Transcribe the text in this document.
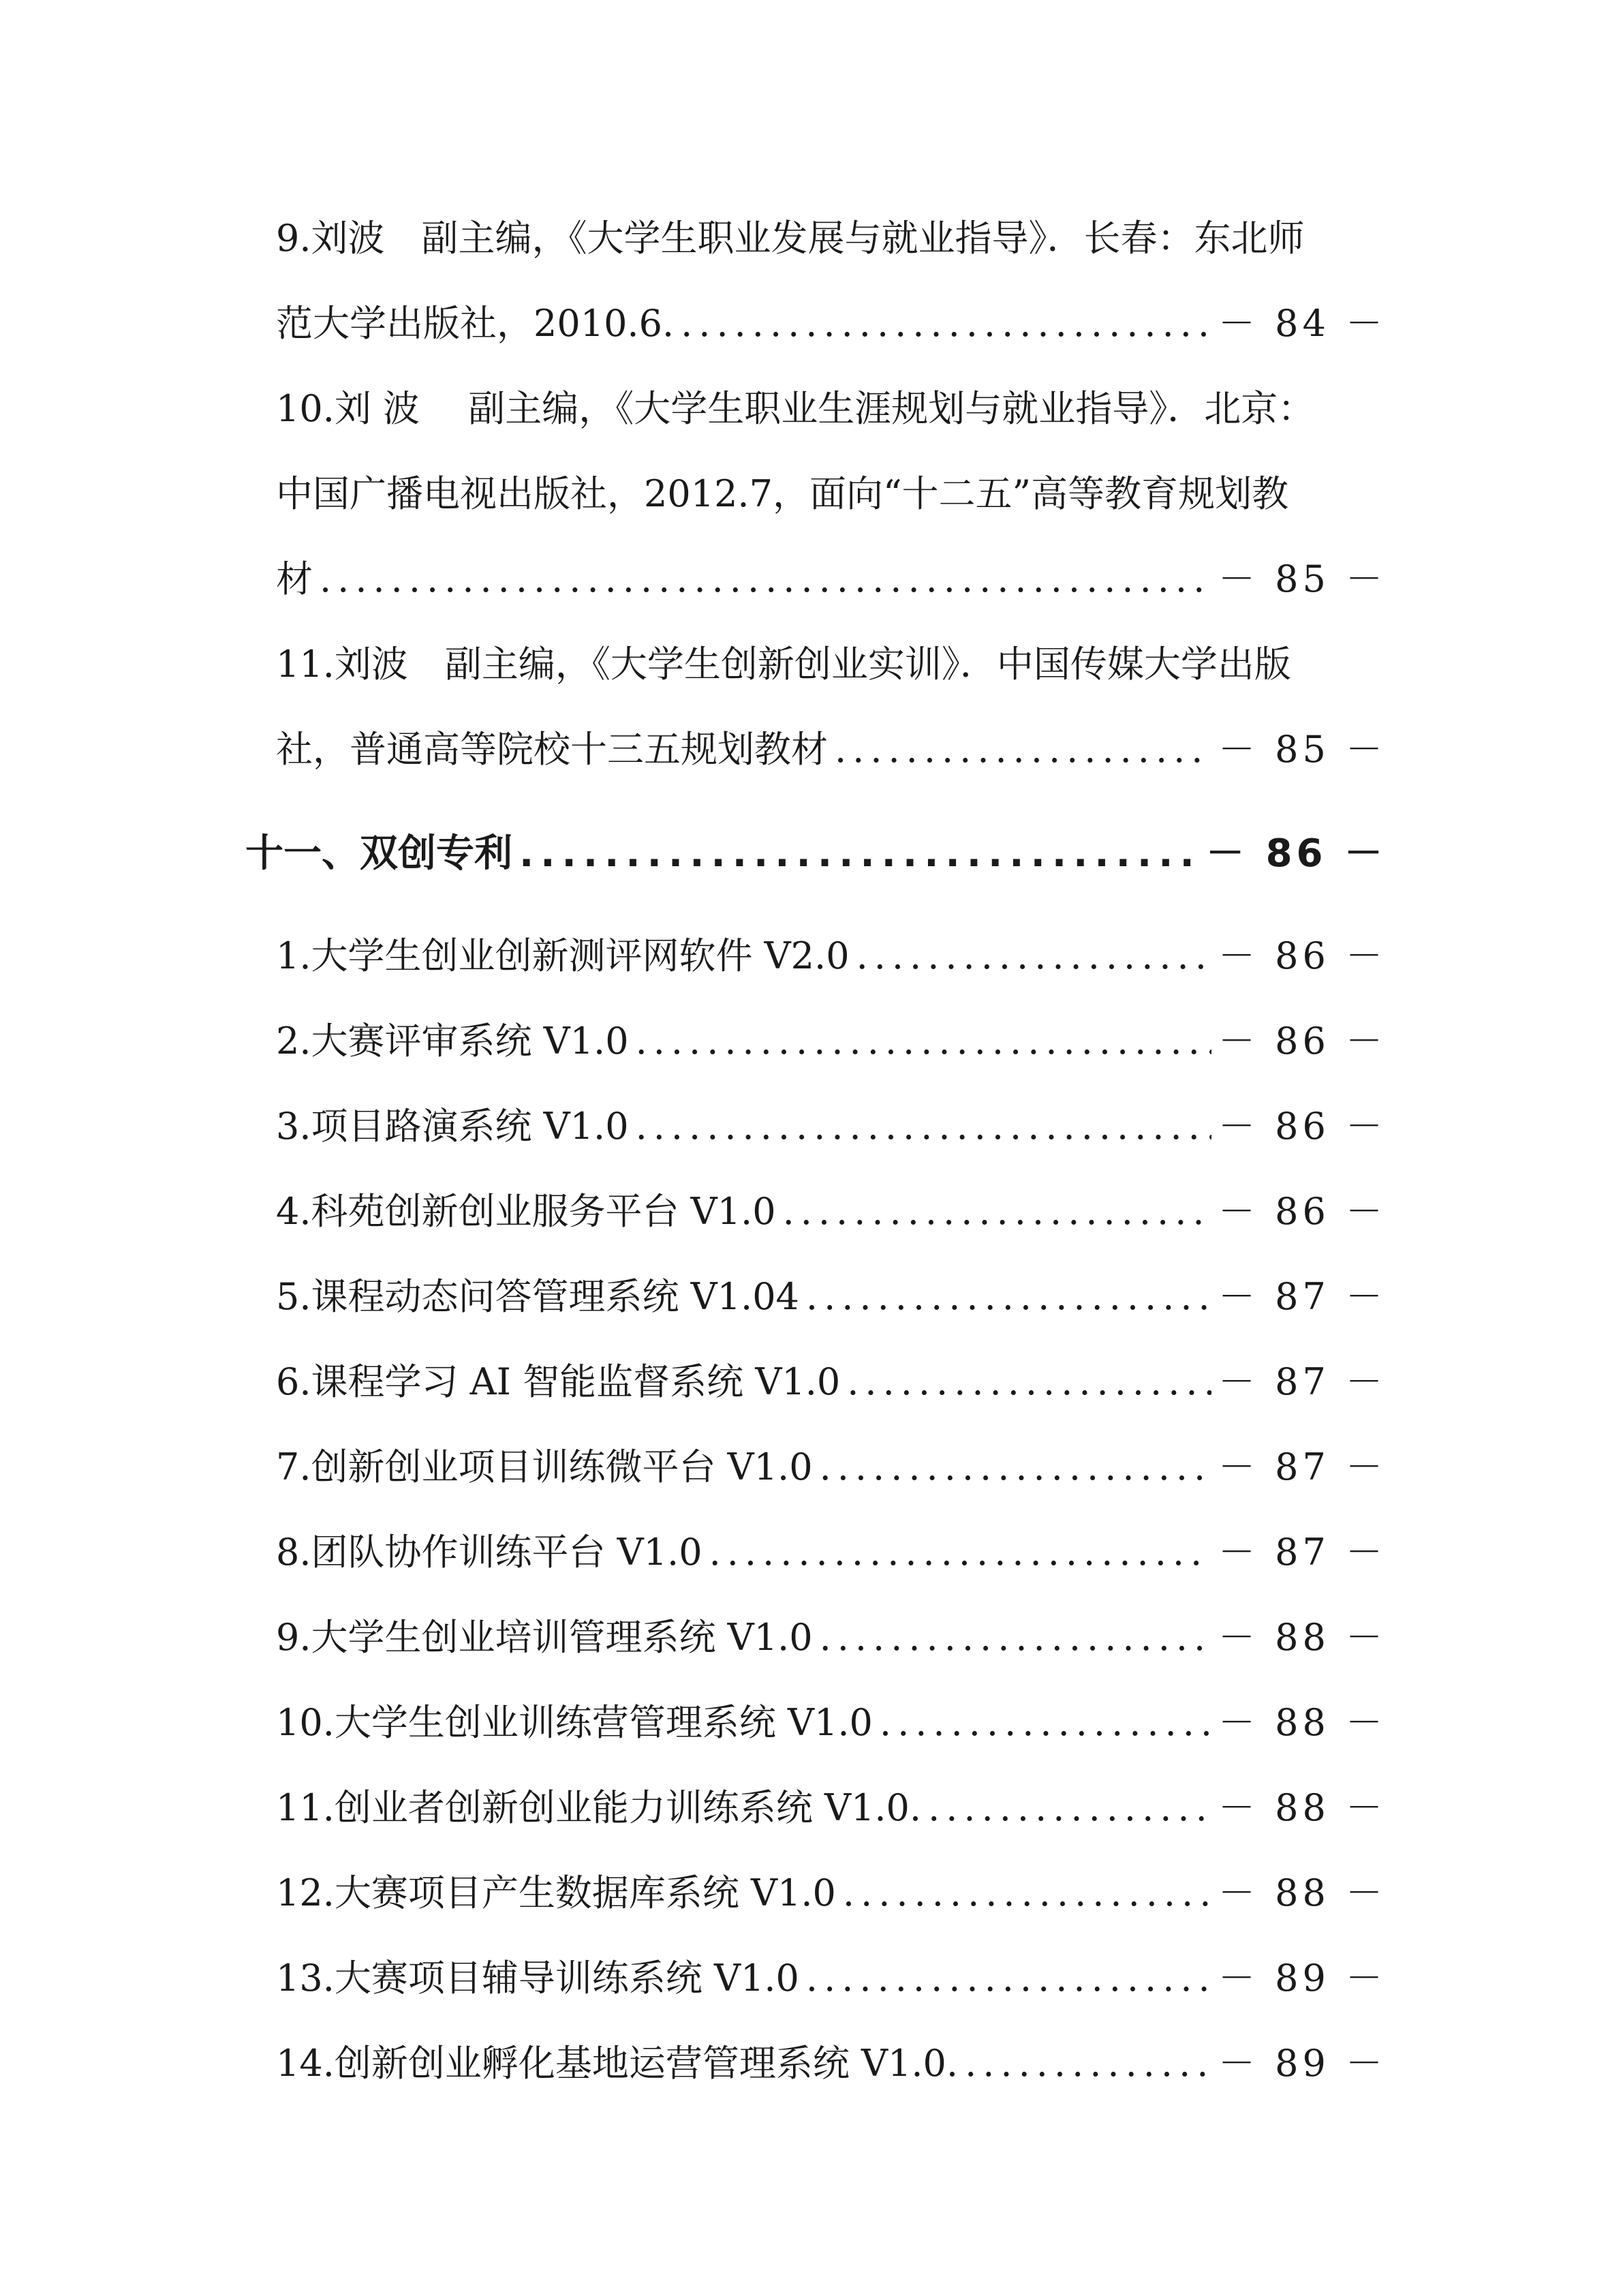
9.刘波　副主编，《大学生职业发展与就业指导》．长春：东北师
范大学出版社，2010.6. .....	－ 84 －
10.刘 波　 副主编，《大学生职业生涯规划与就业指导》．北京：
中国广播电视出版社，2012.7，面向“十二五”高等教育规划教
材 .....	－ 85 －
11.刘波　副主编，《大学生创新创业实训》．中国传媒大学出版
社，普通高等院校十三五规划教材 .....	－ 85 －
十一、双创专利 .....	－ 86 －
1.大学生创业创新测评网软件 V2.0 .....	－ 86 －
2.大赛评审系统 V1.0 .....	－ 86 －
3.项目路演系统 V1.0 .....	－ 86 －
4.科苑创新创业服务平台 V1.0 .....	－ 86 －
5.课程动态问答管理系统 V1.04 .....	－ 87 －
6.课程学习 AI 智能监督系统 V1.0 .....	－ 87 －
7.创新创业项目训练微平台 V1.0 .....	－ 87 －
8.团队协作训练平台 V1.0 .....	－ 87 －
9.大学生创业培训管理系统 V1.0 .....	－ 88 －
10.大学生创业训练营管理系统 V1.0 .....	－ 88 －
11.创业者创新创业能力训练系统 V1.0. .....	－ 88 －
12.大赛项目产生数据库系统 V1.0 .....	－ 88 －
13.大赛项目辅导训练系统 V1.0 .....	－ 89 －
14.创新创业孵化基地运营管理系统 V1.0. .....	－ 89 －
